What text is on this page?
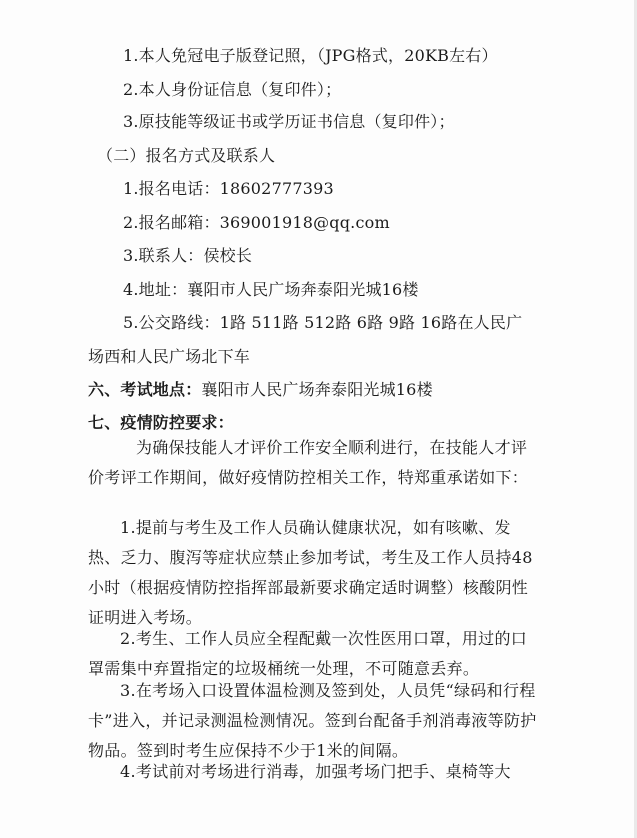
1.本人免冠电子版登记照，（JPG格式，20KB左右）
2.本人身份证信息（复印件）；
3.原技能等级证书或学历证书信息（复印件）；
（二）报名方式及联系人
1.报名电话：18602777393
2.报名邮箱：369001918@qq.com
3.联系人：侯校长
4.地址：襄阳市人民广场奔泰阳光城16楼
5.公交路线：1路 511路 512路 6路 9路 16路在人民广
场西和人民广场北下车
六、考试地点：襄阳市人民广场奔泰阳光城16楼
七、疫情防控要求：
为确保技能人才评价工作安全顺利进行，在技能人才评价考评工作期间，做好疫情防控相关工作，特郑重承诺如下：
1.提前与考生及工作人员确认健康状况，如有咳嗽、发热、乏力、腹泻等症状应禁止参加考试，考生及工作人员持48小时（根据疫情防控指挥部最新要求确定适时调整）核酸阴性证明进入考场。
2.考生、工作人员应全程配戴一次性医用口罩，用过的口罩需集中弃置指定的垃圾桶统一处理，不可随意丢弃。
3.在考场入口设置体温检测及签到处，人员凭“绿码和行程卡”进入，并记录测温检测情况。签到台配备手剂消毒液等防护物品。签到时考生应保持不少于1米的间隔。
4.考试前对考场进行消毒，加强考场门把手、桌椅等大
